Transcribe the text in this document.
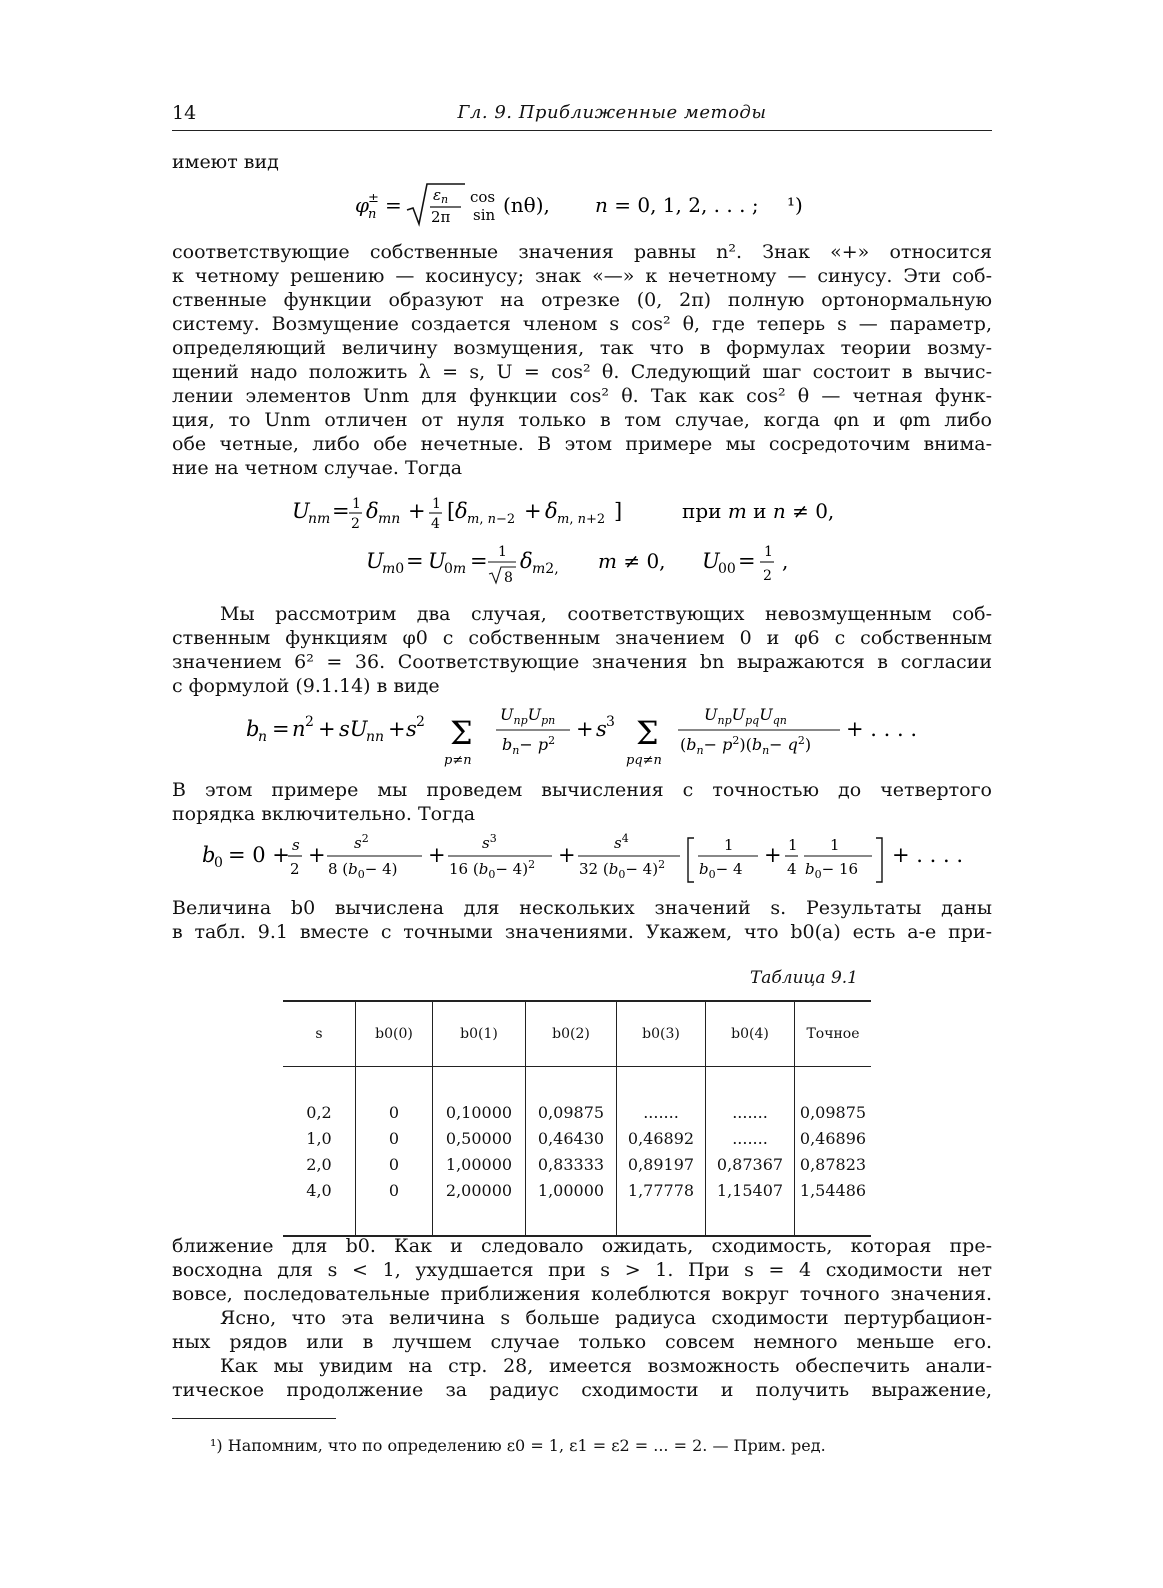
14	Гл. 9. Приближенные методы
имеют вид
φ
±
n = ε n
2π
cos
sin (nθ), n = 0, 1, 2, . . . ; ¹)
соответствующие собственные значения равны n². Знак «+» относится
к четному решению — косинусу; знак «—» к нечетному — синусу. Эти соб-
ственные функции образуют на отрезке (0, 2π) полную ортонормальную
систему. Возмущение создается членом s cos² θ, где теперь s — параметр,
определяющий величину возмущения, так что в формулах теории возму-
щений надо положить λ = s, U = cos² θ. Следующий шаг состоит в вычис-
лении элементов Unm для функции cos² θ. Так как cos² θ — четная функ-
ция, то Unm отличен от нуля только в том случае, когда φn и φm либо
обе четные, либо обе нечетные. В этом примере мы сосредоточим внима-
ние на четном случае. Тогда
U
nm = 1
2
δ mn + 1
4
[ δ m, n−2 + δ m, n+2 ]	при m и n ≠ 0,
U
m0 = U
0m = 1
8
δ m2, m ≠ 0, U
00 = 1
2
,
Мы рассмотрим два случая, соответствующих невозмущенным соб-
ственным функциям φ0 с собственным значением 0 и φ6 с собственным
значением 6² = 36. Соответствующие значения bn выражаются в согласии
с формулой (9.1.14) в виде
b
n = n 2 + sU
nn + s 2 Σ
p≠n
$U_{np}U_{pn}$
$b_n- p^2 + s$ 3 Σ
pq≠n
$U_{np}U_{pq}U_{qn}$
$(b_n- p^2)(b_n- q^2)$
+ . . . .
В этом примере мы проведем вычисления с точностью до четвертого
порядка включительно. Тогда
b
0 = 0 + s
2
+ $s^2$
8 $(b_0- 4)$
+ $s^3$
16 $(b_0- 4)^2$ +	$s^4$
32 $(b_0- 4)^2$
1
$b_0- 4$
+ 1
4
1
$b_0- 16$
+ . . . .
Величина b0 вычислена для нескольких значений s. Результаты даны
в табл. 9.1 вместе с точными значениями. Укажем, что b0(a) есть a-е при-
Таблица 9.1
s	b0(0)	b0(1)	b0(2)	b0(3)	b0(4)	Точное

0,2	0	0,10000	0,09875	.......	.......	0,09875
1,0	0	0,50000	0,46430	0,46892	.......	0,46896
2,0	0	1,00000	0,83333	0,89197	0,87367	0,87823
4,0	0	2,00000	1,00000	1,77778	1,15407	1,54486

ближение для b0. Как и следовало ожидать, сходимость, которая пре-
восходна для s < 1, ухудшается при s > 1. При s = 4 сходимости нет
вовсе, последовательные приближения колеблются вокруг точного значения.
Ясно, что эта величина s больше радиуса сходимости пертурбацион-
ных рядов или в лучшем случае только совсем немного меньше его.
Как мы увидим на стр. 28, имеется возможность обеспечить анали-
тическое продолжение за радиус сходимости и получить выражение,
¹) Напомним, что по определению ε0 = 1, ε1 = ε2 = ... = 2. — Прим. ред.
